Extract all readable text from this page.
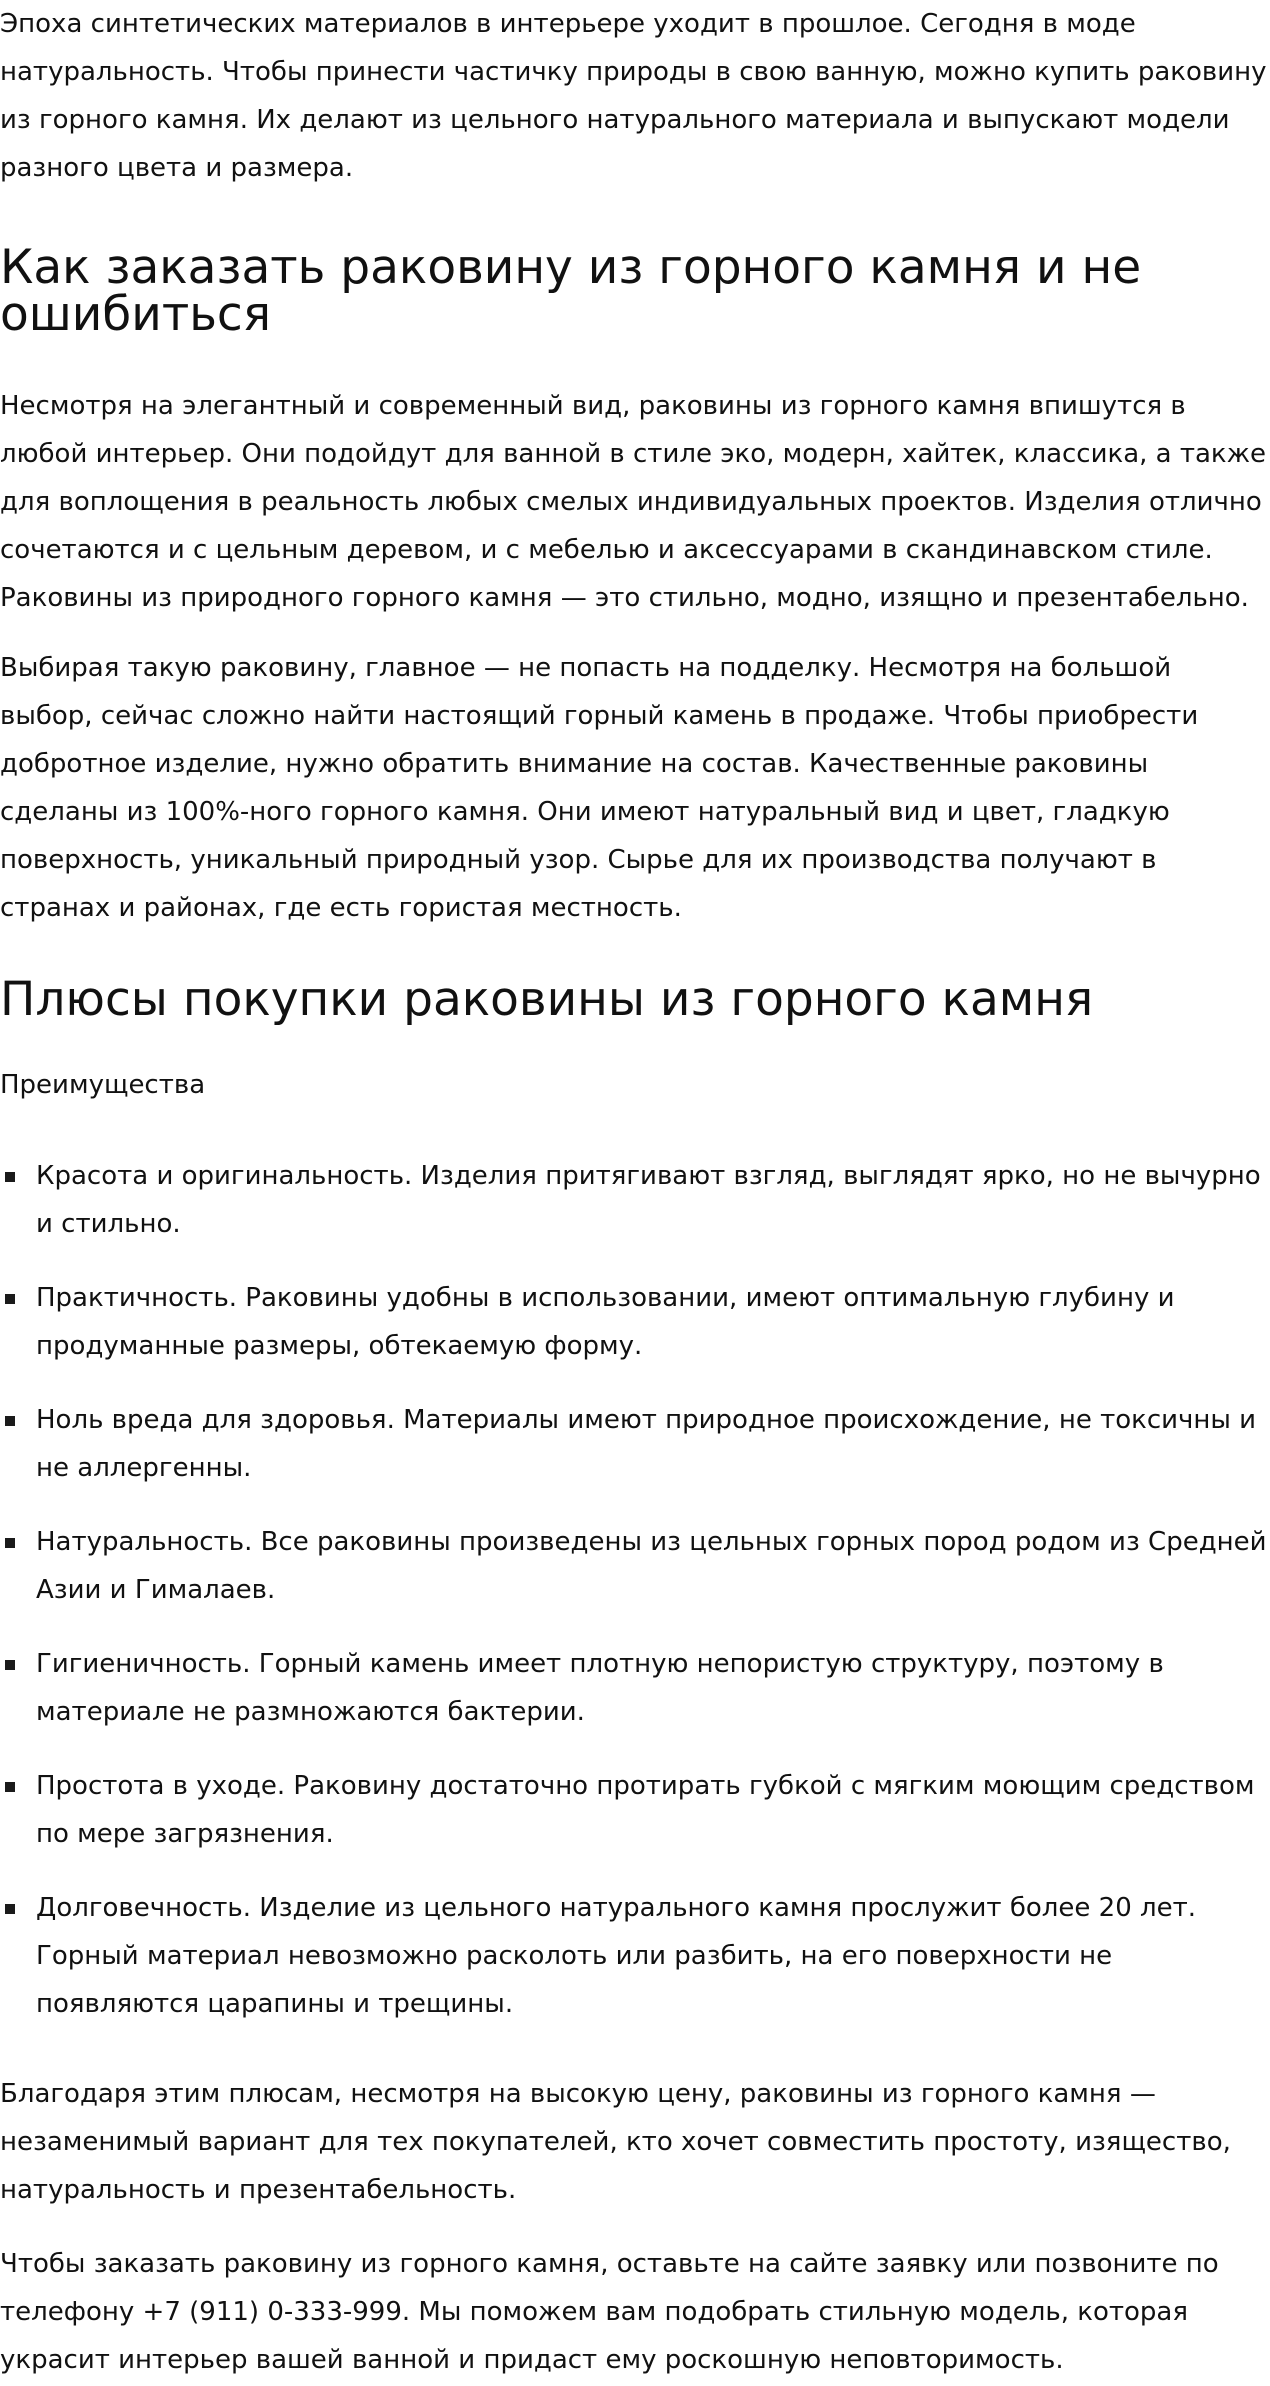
Эпоха синтетических материалов в интерьере уходит в прошлое. Сегодня в моде натуральность. Чтобы принести частичку природы в свою ванную, можно купить раковину из горного камня. Их делают из цельного натурального материала и выпускают модели разного цвета и размера.

Как заказать раковину из горного камня и не ошибиться

Несмотря на элегантный и современный вид, раковины из горного камня впишутся в любой интерьер. Они подойдут для ванной в стиле эко, модерн, хайтек, классика, а также для воплощения в реальность любых смелых индивидуальных проектов. Изделия отлично сочетаются и с цельным деревом, и с мебелью и аксессуарами в скандинавском стиле. Раковины из природного горного камня — это стильно, модно, изящно и презентабельно.

Выбирая такую раковину, главное — не попасть на подделку. Несмотря на большой выбор, сейчас сложно найти настоящий горный камень в продаже. Чтобы приобрести добротное изделие, нужно обратить внимание на состав. Качественные раковины сделаны из 100%-ного горного камня. Они имеют натуральный вид и цвет, гладкую поверхность, уникальный природный узор. Сырье для их производства получают в странах и районах, где есть гористая местность.

Плюсы покупки раковины из горного камня

Преимущества

Красота и оригинальность. Изделия притягивают взгляд, выглядят ярко, но не вычурно и стильно.
Практичность. Раковины удобны в использовании, имеют оптимальную глубину и продуманные размеры, обтекаемую форму.
Ноль вреда для здоровья. Материалы имеют природное происхождение, не токсичны и не аллергенны.
Натуральность. Все раковины произведены из цельных горных пород родом из Средней Азии и Гималаев.
Гигиеничность. Горный камень имеет плотную непористую структуру, поэтому в материале не размножаются бактерии.
Простота в уходе. Раковину достаточно протирать губкой с мягким моющим средством по мере загрязнения.
Долговечность. Изделие из цельного натурального камня прослужит более 20 лет. Горный материал невозможно расколоть или разбить, на его поверхности не появляются царапины и трещины.

Благодаря этим плюсам, несмотря на высокую цену, раковины из горного камня — незаменимый вариант для тех покупателей, кто хочет совместить простоту, изящество, натуральность и презентабельность.

Чтобы заказать раковину из горного камня, оставьте на сайте заявку или позвоните по телефону +7 (911) 0-333-999. Мы поможем вам подобрать стильную модель, которая украсит интерьер вашей ванной и придаст ему роскошную неповторимость.
